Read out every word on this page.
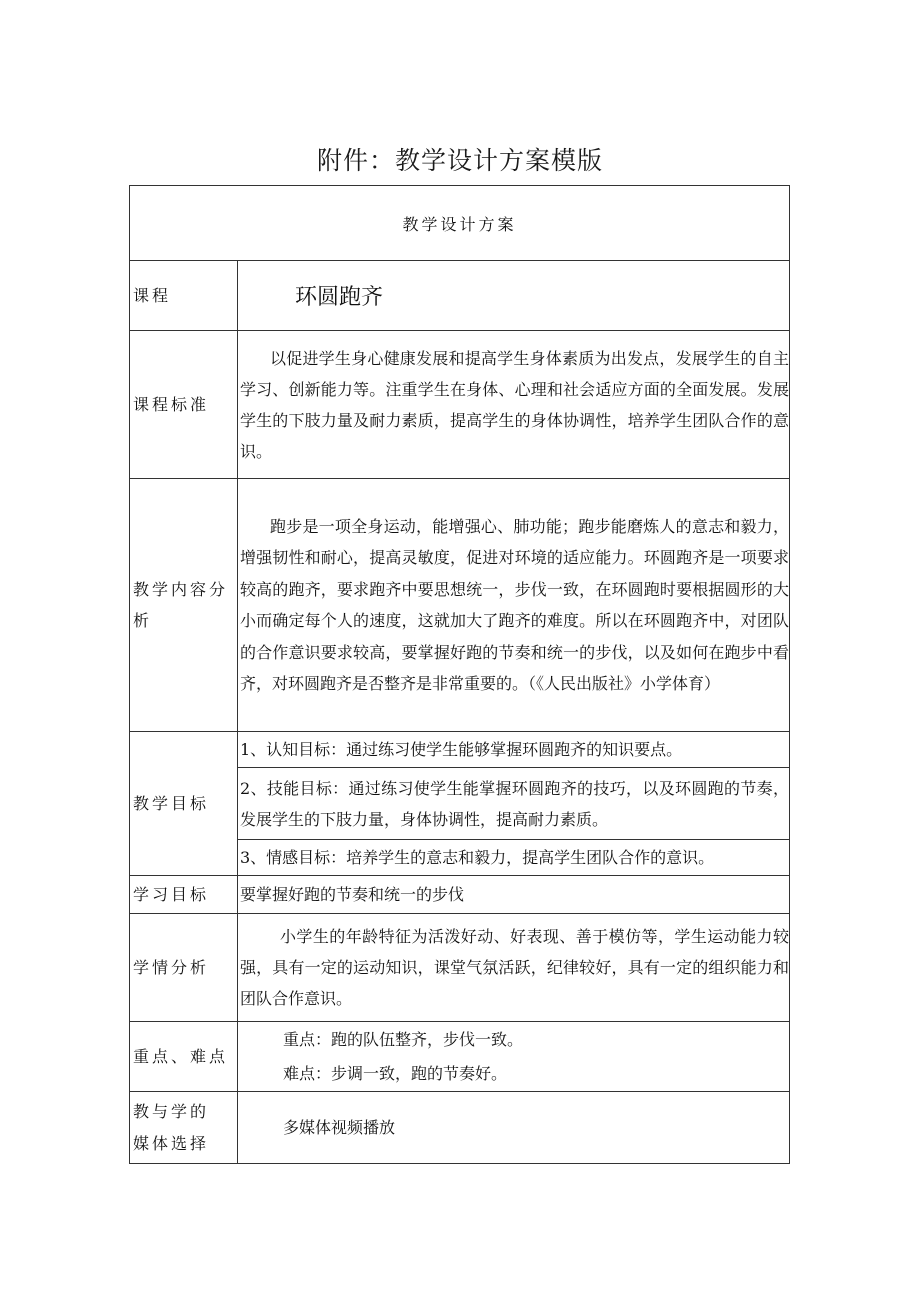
附件：教学设计方案模版
教学设计方案	

课程	环圆跑齐

课程标准	以促进学生身心健康发展和提高学生身体素质为出发点，发展学生的自主学习、创新能力等。注重学生在身体、心理和社会适应方面的全面发展。发展学生的下肢力量及耐力素质，提高学生的身体协调性，培养学生团队合作的意识。

教学内容分析	跑步是一项全身运动，能增强心、肺功能；跑步能磨炼人的意志和毅力，增强韧性和耐心，提高灵敏度，促进对环境的适应能力。环圆跑齐是一项要求较高的跑齐，要求跑齐中要思想统一，步伐一致，在环圆跑时要根据圆形的大小而确定每个人的速度，这就加大了跑齐的难度。所以在环圆跑齐中，对团队的合作意识要求较高，要掌握好跑的节奏和统一的步伐，以及如何在跑步中看齐，对环圆跑齐是否整齐是非常重要的。（《人民出版社》小学体育）

教学目标	1、认知目标：通过练习使学生能够掌握环圆跑齐的知识要点。

	2、技能目标：通过练习使学生能掌握环圆跑齐的技巧，以及环圆跑的节奏，发展学生的下肢力量，身体协调性，提高耐力素质。

	3、情感目标：培养学生的意志和毅力，提高学生团队合作的意识。

学习目标	要掌握好跑的节奏和统一的步伐

学情分析	小学生的年龄特征为活泼好动、好表现、善于模仿等，学生运动能力较强，具有一定的运动知识，课堂气氛活跃，纪律较好，具有一定的组织能力和团队合作意识。

重点、难点	重点：跑的队伍整齐，步伐一致。
难点：步调一致，跑的节奏好。

教与学的媒体选择	多媒体视频播放
